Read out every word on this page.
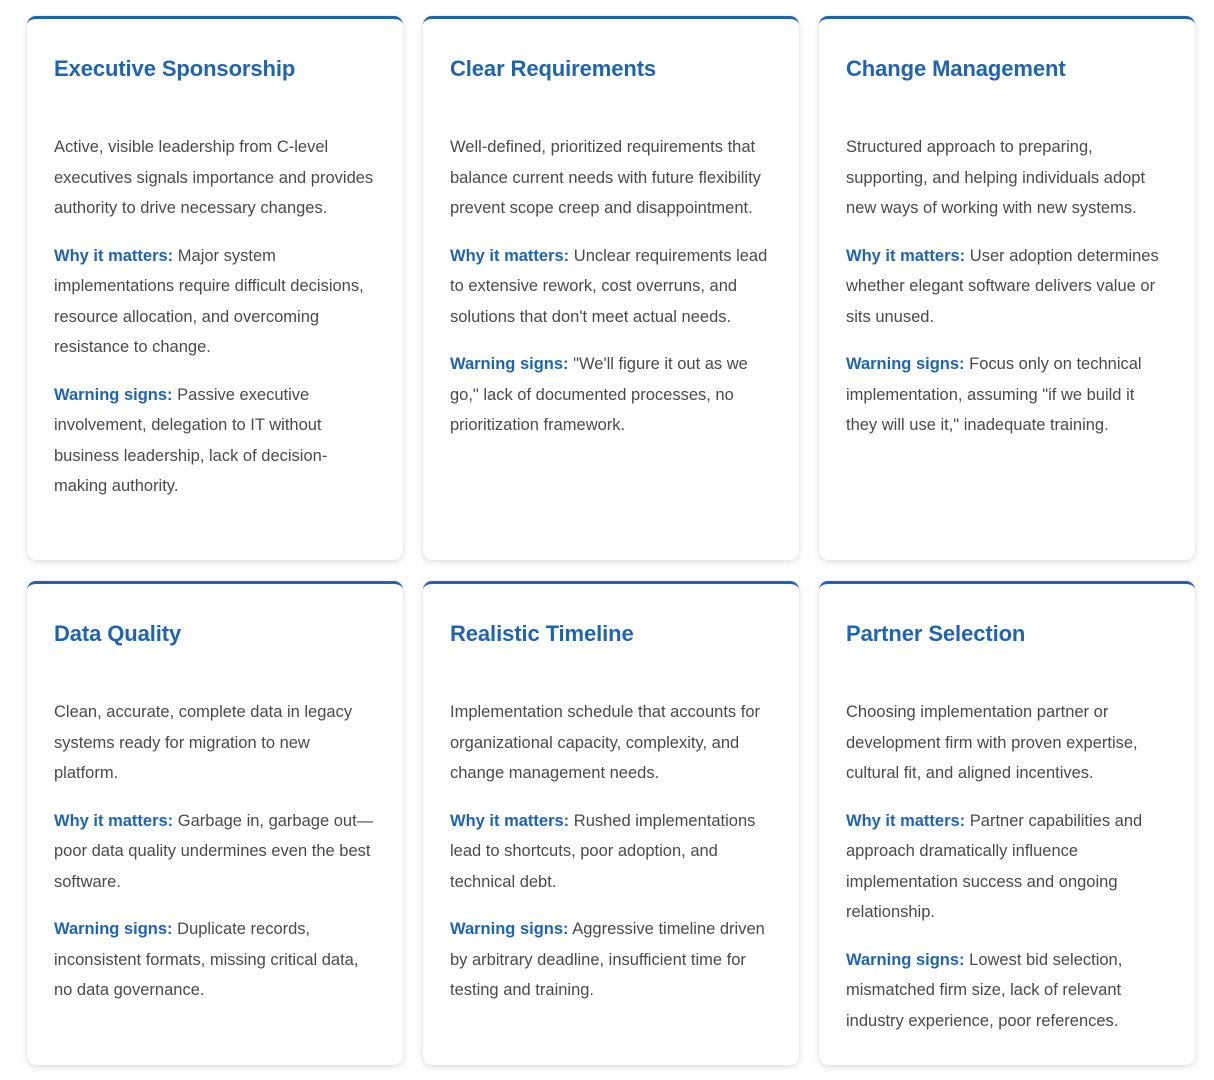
Executive Sponsorship

Active, visible leadership from C-level executives signals importance and provides authority to drive necessary changes.

Why it matters: Major system implementations require difficult decisions, resource allocation, and overcoming resistance to change.

Warning signs: Passive executive involvement, delegation to IT without business leadership, lack of decision-making authority.

Clear Requirements

Well-defined, prioritized requirements that balance current needs with future flexibility prevent scope creep and disappointment.

Why it matters: Unclear requirements lead to extensive rework, cost overruns, and solutions that don't meet actual needs.

Warning signs: "We'll figure it out as we go," lack of documented processes, no prioritization framework.

Change Management

Structured approach to preparing, supporting, and helping individuals adopt new ways of working with new systems.

Why it matters: User adoption determines whether elegant software delivers value or sits unused.

Warning signs: Focus only on technical implementation, assuming "if we build it they will use it," inadequate training.

Data Quality

Clean, accurate, complete data in legacy systems ready for migration to new platform.

Why it matters: Garbage in, garbage out—poor data quality undermines even the best software.

Warning signs: Duplicate records, inconsistent formats, missing critical data, no data governance.

Realistic Timeline

Implementation schedule that accounts for organizational capacity, complexity, and change management needs.

Why it matters: Rushed implementations lead to shortcuts, poor adoption, and technical debt.

Warning signs: Aggressive timeline driven by arbitrary deadline, insufficient time for testing and training.

Partner Selection

Choosing implementation partner or development firm with proven expertise, cultural fit, and aligned incentives.

Why it matters: Partner capabilities and approach dramatically influence implementation success and ongoing relationship.

Warning signs: Lowest bid selection, mismatched firm size, lack of relevant industry experience, poor references.
